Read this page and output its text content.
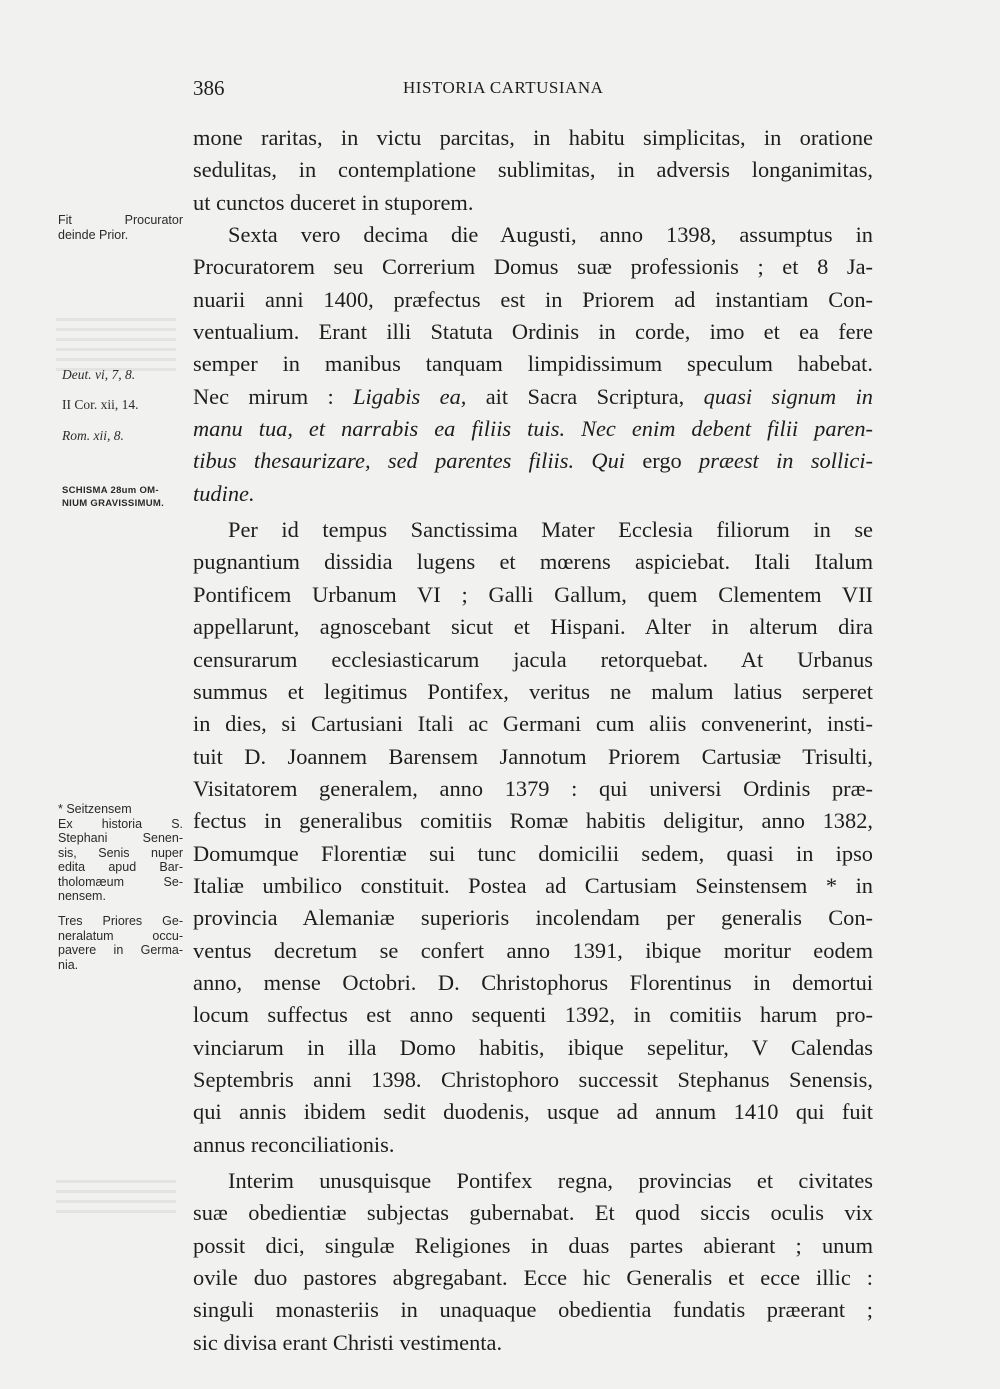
386	HISTORIA CARTUSIANA
Fit Procurator
deinde Prior.
Deut. vi, 7, 8.
II Cor. xii, 14.
Rom. xii, 8.
SCHISMA 28um OM-
NIUM GRAVISSIMUM.
* Seitzensem
Ex historia S.
Stephani Senen-
sis, Senis nuper
edita apud Bar-
tholomæum Se-
nensem.
Tres Priores Ge-
neralatum occu-
pavere in Germa-
nia.
mone raritas, in victu parcitas, in habitu simplicitas, in oratione
sedulitas, in contemplatione sublimitas, in adversis longanimitas,
ut cunctos duceret in stuporem.
Sexta vero decima die Augusti, anno 1398, assumptus in
Procuratorem seu Correrium Domus suæ professionis ; et 8 Ja-
nuarii anni 1400, præfectus est in Priorem ad instantiam Con-
ventualium. Erant illi Statuta Ordinis in corde, imo et ea fere
semper in manibus tanquam limpidissimum speculum habebat.
Nec mirum : Ligabis ea, ait Sacra Scriptura, quasi signum in
manu tua, et narrabis ea filiis tuis. Nec enim debent filii paren-
tibus thesaurizare, sed parentes filiis. Qui ergo præest in sollici-
tudine.
Per id tempus Sanctissima Mater Ecclesia filiorum in se
pugnantium dissidia lugens et mœrens aspiciebat. Itali Italum
Pontificem Urbanum VI ; Galli Gallum, quem Clementem VII
appellarunt, agnoscebant sicut et Hispani. Alter in alterum dira
censurarum ecclesiasticarum jacula retorquebat. At Urbanus
summus et legitimus Pontifex, veritus ne malum latius serperet
in dies, si Cartusiani Itali ac Germani cum aliis convenerint, insti-
tuit D. Joannem Barensem Jannotum Priorem Cartusiæ Trisulti,
Visitatorem generalem, anno 1379 : qui universi Ordinis præ-
fectus in generalibus comitiis Romæ habitis deligitur, anno 1382,
Domumque Florentiæ sui tunc domicilii sedem, quasi in ipso
Italiæ umbilico constituit. Postea ad Cartusiam Seinstensem * in
provincia Alemaniæ superioris incolendam per generalis Con-
ventus decretum se confert anno 1391, ibique moritur eodem
anno, mense Octobri. D. Christophorus Florentinus in demortui
locum suffectus est anno sequenti 1392, in comitiis harum pro-
vinciarum in illa Domo habitis, ibique sepelitur, V Calendas
Septembris anni 1398. Christophoro successit Stephanus Senensis,
qui annis ibidem sedit duodenis, usque ad annum 1410 qui fuit
annus reconciliationis.
Interim unusquisque Pontifex regna, provincias et civitates
suæ obedientiæ subjectas gubernabat. Et quod siccis oculis vix
possit dici, singulæ Religiones in duas partes abierant ; unum
ovile duo pastores abgregabant. Ecce hic Generalis et ecce illic :
singuli monasteriis in unaquaque obedientia fundatis præerant ;
sic divisa erant Christi vestimenta.
